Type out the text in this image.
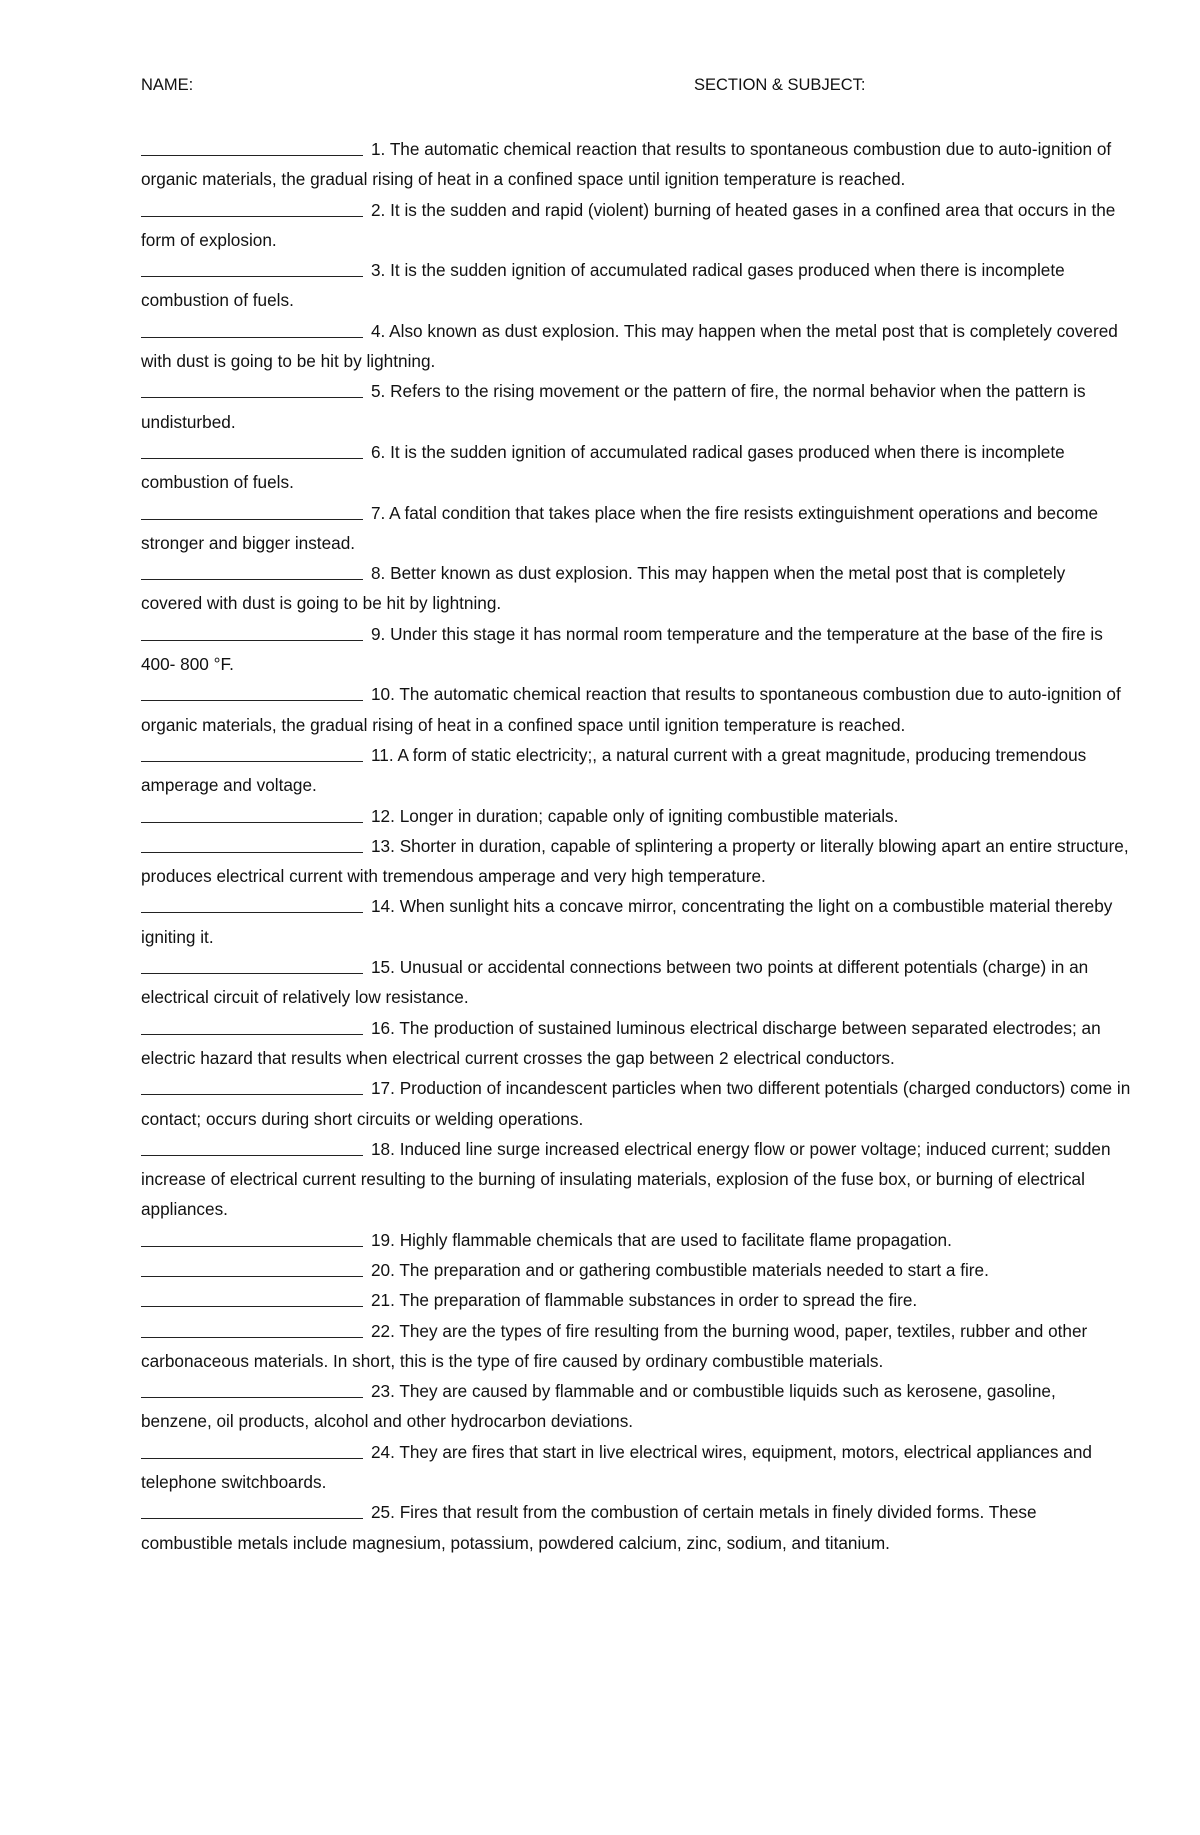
NAME:	SECTION & SUBJECT:

1. The automatic chemical reaction that results to spontaneous combustion due to auto-ignition of organic materials, the gradual rising of heat in a confined space until ignition temperature is reached.

2. It is the sudden and rapid (violent) burning of heated gases in a confined area that occurs in the form of explosion.

3. It is the sudden ignition of accumulated radical gases produced when there is incomplete combustion of fuels.

4. Also known as dust explosion. This may happen when the metal post that is completely covered with dust is going to be hit by lightning.

5. Refers to the rising movement or the pattern of fire, the normal behavior when the pattern is undisturbed.

6. It is the sudden ignition of accumulated radical gases produced when there is incomplete combustion of fuels.

7. A fatal condition that takes place when the fire resists extinguishment operations and become stronger and bigger instead.

8. Better known as dust explosion. This may happen when the metal post that is completely covered with dust is going to be hit by lightning.

9. Under this stage it has normal room temperature and the temperature at the base of the fire is 400- 800 °F.

10. The automatic chemical reaction that results to spontaneous combustion due to auto-ignition of organic materials, the gradual rising of heat in a confined space until ignition temperature is reached.

11. A form of static electricity;, a natural current with a great magnitude, producing tremendous amperage and voltage.

12. Longer in duration; capable only of igniting combustible materials.

13. Shorter in duration, capable of splintering a property or literally blowing apart an entire structure, produces electrical current with tremendous amperage and very high temperature.

14. When sunlight hits a concave mirror, concentrating the light on a combustible material thereby igniting it.

15. Unusual or accidental connections between two points at different potentials (charge) in an electrical circuit of relatively low resistance.

16. The production of sustained luminous electrical discharge between separated electrodes; an electric hazard that results when electrical current crosses the gap between 2 electrical conductors.

17. Production of incandescent particles when two different potentials (charged conductors) come in contact; occurs during short circuits or welding operations.

18. Induced line surge increased electrical energy flow or power voltage; induced current; sudden increase of electrical current resulting to the burning of insulating materials, explosion of the fuse box, or burning of electrical appliances.

19. Highly flammable chemicals that are used to facilitate flame propagation.

20. The preparation and or gathering combustible materials needed to start a fire.

21. The preparation of flammable substances in order to spread the fire.

22. They are the types of fire resulting from the burning wood, paper, textiles, rubber and other carbonaceous materials. In short, this is the type of fire caused by ordinary combustible materials.

23. They are caused by flammable and or combustible liquids such as kerosene, gasoline, benzene, oil products, alcohol and other hydrocarbon deviations.

24. They are fires that start in live electrical wires, equipment, motors, electrical appliances and telephone switchboards.

25. Fires that result from the combustion of certain metals in finely divided forms. These combustible metals include magnesium, potassium, powdered calcium, zinc, sodium, and titanium.
